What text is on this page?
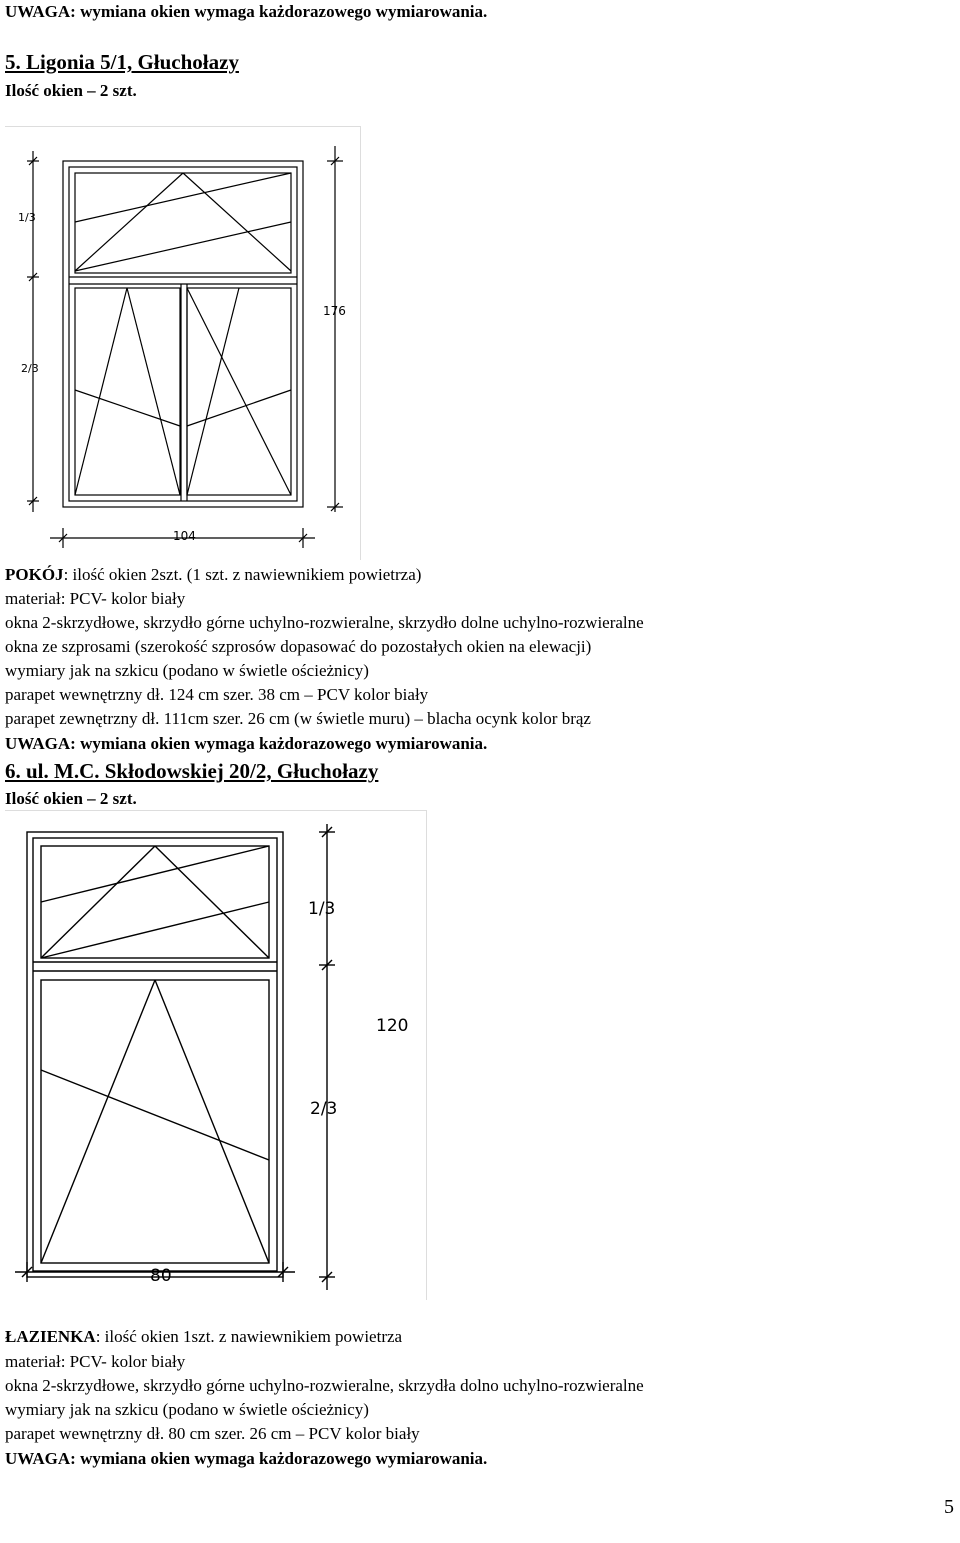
UWAGA: wymiana okien wymaga każdorazowego wymiarowania.
5. Ligonia 5/1, Głuchołazy
Ilość okien – 2 szt.
1/3
2/3
176
104
POKÓJ: ilość okien 2szt. (1 szt. z nawiewnikiem powietrza)
materiał: PCV- kolor biały
okna 2-skrzydłowe, skrzydło górne uchylno-rozwieralne, skrzydło dolne uchylno-rozwieralne
okna ze szprosami (szerokość szprosów dopasować do pozostałych okien na elewacji)
wymiary jak na szkicu (podano w świetle ościeżnicy)
parapet wewnętrzny dł. 124 cm szer. 38 cm – PCV kolor biały
parapet zewnętrzny dł. 111cm szer. 26 cm (w świetle muru) – blacha ocynk kolor brąz
UWAGA: wymiana okien wymaga każdorazowego wymiarowania.
6. ul. M.C. Skłodowskiej 20/2, Głuchołazy
Ilość okien – 2 szt.
1/3
2/3
120
80
ŁAZIENKA: ilość okien 1szt. z nawiewnikiem powietrza
materiał: PCV- kolor biały
okna 2-skrzydłowe, skrzydło górne uchylno-rozwieralne, skrzydła dolno uchylno-rozwieralne
wymiary jak na szkicu (podano w świetle ościeżnicy)
parapet wewnętrzny dł. 80 cm szer. 26 cm – PCV kolor biały
UWAGA: wymiana okien wymaga każdorazowego wymiarowania.
5
